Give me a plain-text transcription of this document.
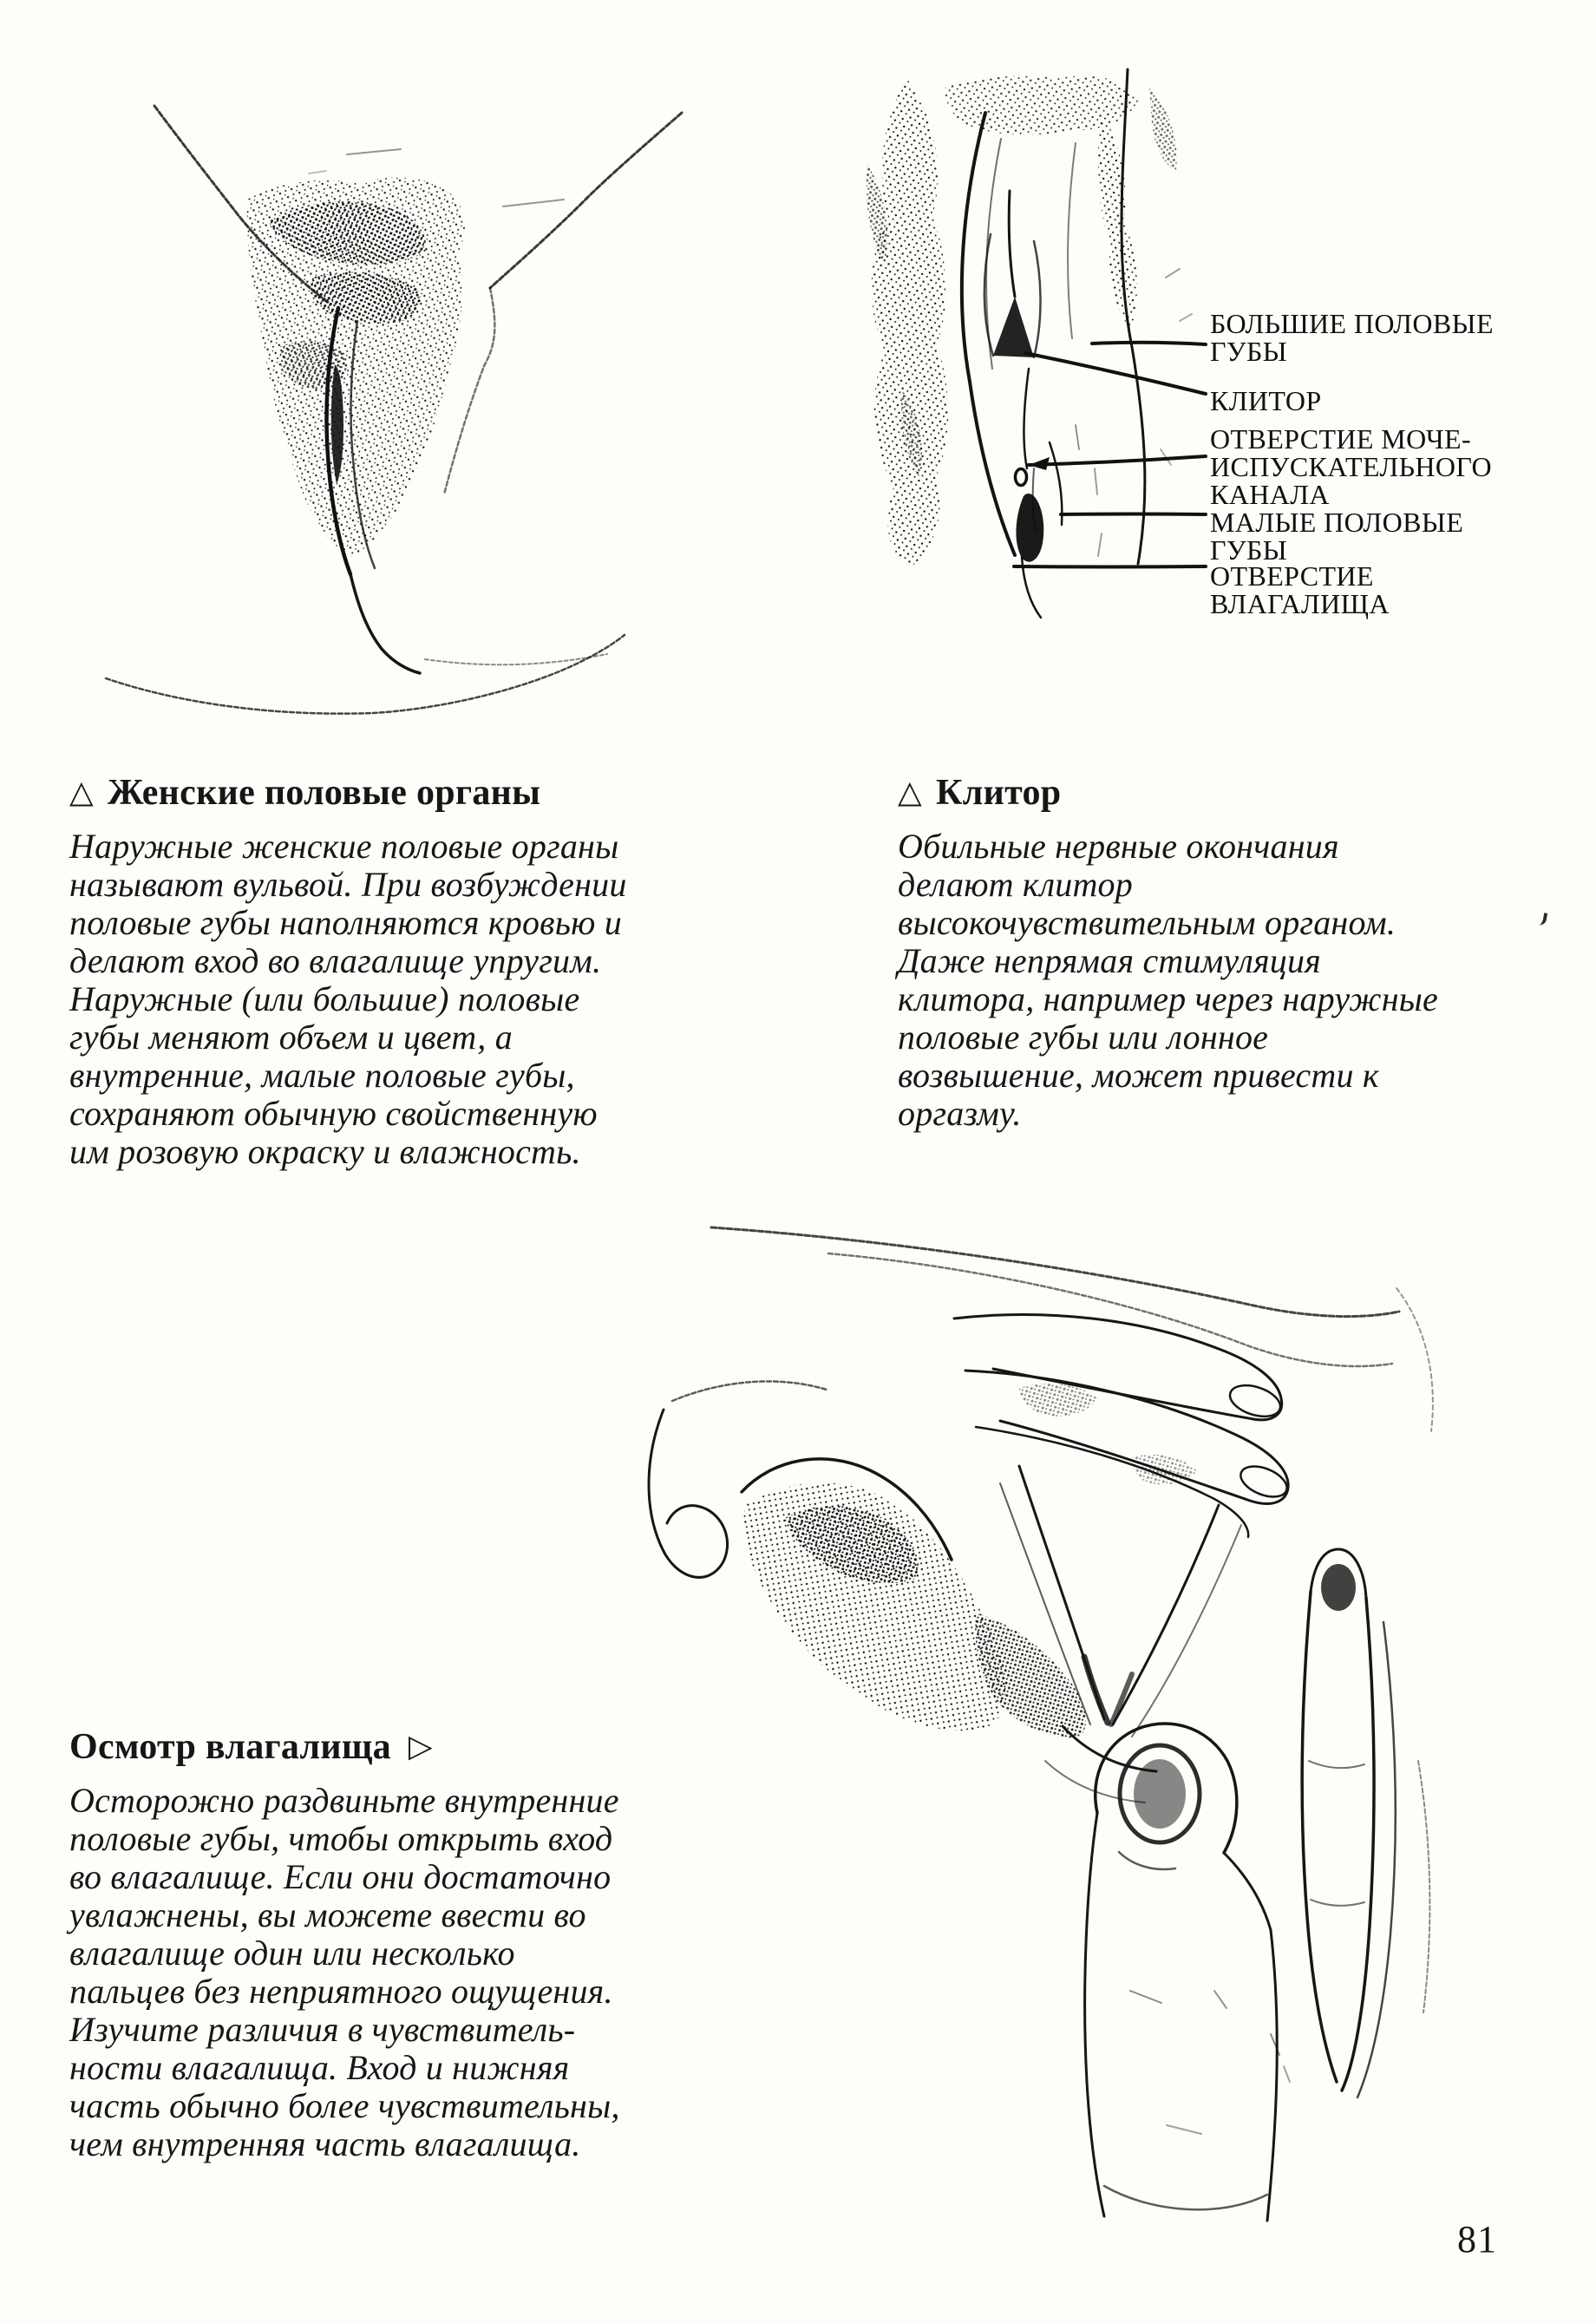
БОЛЬШИЕ ПОЛОВЫЕ
ГУБЫ
КЛИТОР
ОТВЕРСТИЕ МОЧЕ-
ИСПУСКАТЕЛЬНОГО
КАНАЛА
МАЛЫЕ ПОЛОВЫЕ
ГУБЫ
ОТВЕРСТИЕ
ВЛАГАЛИЩА
△ Женские половые органы

Наружные женские половые органы
называют вульвой. При возбуждении
половые губы наполняются кровью и
делают вход во влагалище упругим.
Наружные (или большие) половые
губы меняют объем и цвет, а
внутренние, малые половые губы,
сохраняют обычную свойственную
им розовую окраску и влажность.

△ Клитор

Обильные нервные окончания
делают клитор
высокочувствительным органом.
Даже непрямая стимуляция
клитора, например через наружные
половые губы или лонное
возвышение, может привести к
оргазму.

Осмотр влагалища ▷

Осторожно раздвиньте внутренние
половые губы, чтобы открыть вход
во влагалище. Если они достаточно
увлажнены, вы можете ввести во
влагалище один или несколько
пальцев без неприятного ощущения.
Изучите различия в чувствитель-
ности влагалища. Вход и нижняя
часть обычно более чувствительны,
чем внутренняя часть влагалища.

81
